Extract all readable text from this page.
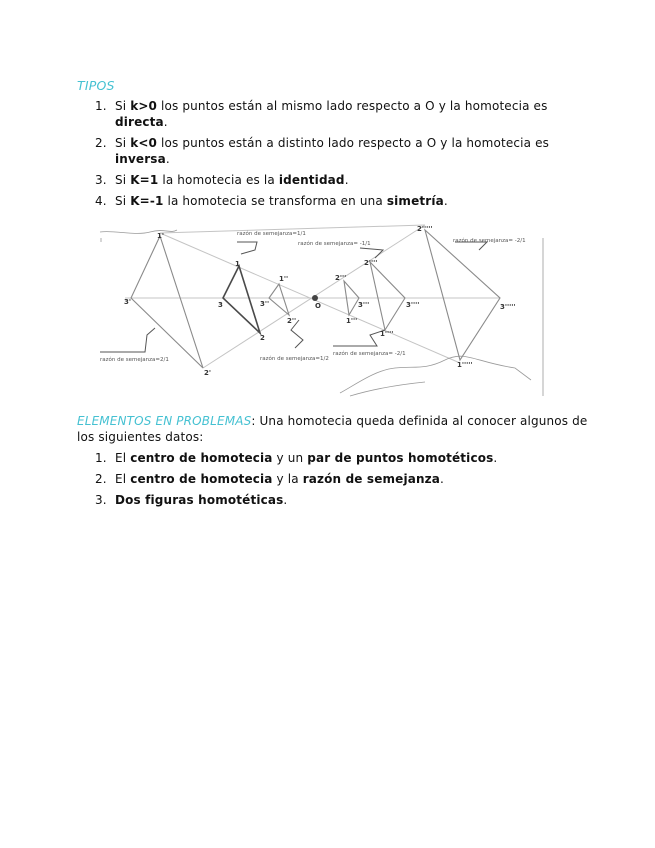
TIPOS
1. Si k>0 los puntos están al mismo lado respecto a O y la homotecia es directa.
2. Si k<0 los puntos están a distinto lado respecto a O y la homotecia es inversa.
3. Si K=1 la homotecia es la identidad.
4. Si K=-1 la homotecia se transforma en una simetría.
1'
3'
2'
1
3
2
1''
3''
2''
O
2'''
3'''
1'''
2''''
3''''
1''''
2'''''
3'''''
1'''''
razón de semejanza=1/1
razón de semejanza= -1/1	razón de semejanza= -2/1
razón de semejanza=2/1	razón de semejanza=1/2
razón de semejanza= -2/1
ELEMENTOS EN PROBLEMAS: Una homotecia queda definida al conocer algunos de los siguientes datos:
1. El centro de homotecia y un par de puntos homotéticos.
2. El centro de homotecia y la razón de semejanza.
3. Dos figuras homotéticas.
